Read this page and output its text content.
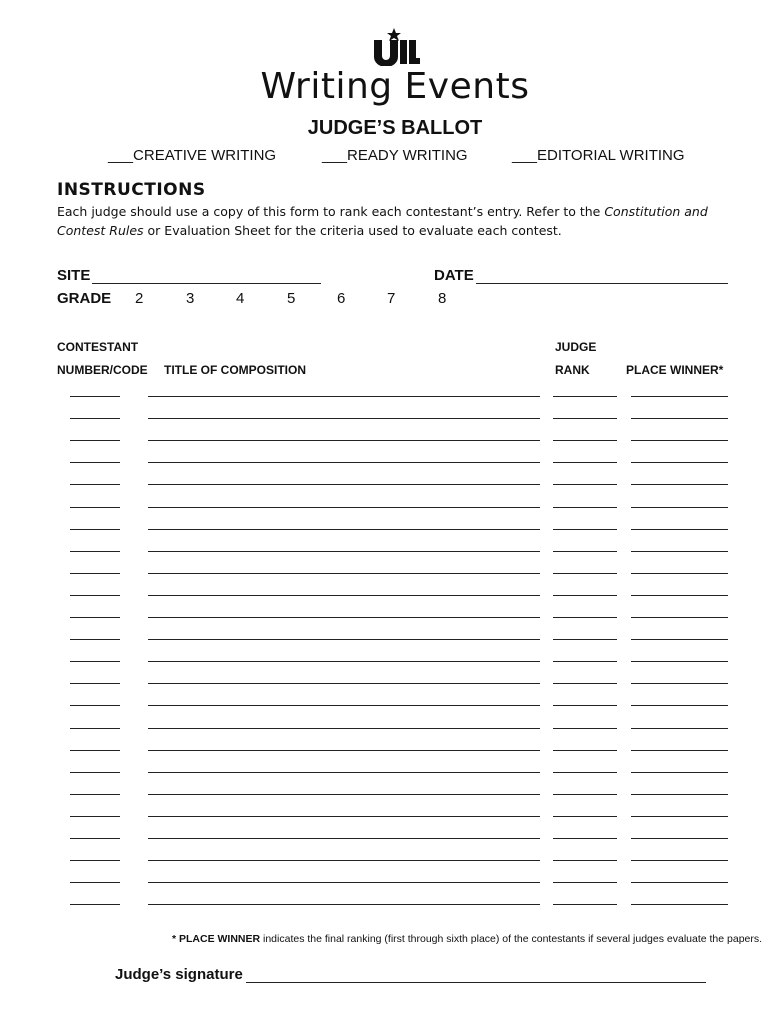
Writing Events
JUDGE’S BALLOT
___CREATIVE WRITING	___READY WRITING	___EDITORIAL WRITING
INSTRUCTIONS
Each judge should use a copy of this form to rank each contestant’s entry. Refer to the Constitution and Contest Rules or Evaluation Sheet for the criteria used to evaluate each contest.
SITE	DATE
GRADE 2	3	4	5	6	7	8
CONTESTANT
NUMBER/CODE TITLE OF COMPOSITION
JUDGE
RANK	PLACE WINNER*
* PLACE WINNER indicates the final ranking (first through sixth place) of the contestants if several judges evaluate the papers.
Judge’s signature
